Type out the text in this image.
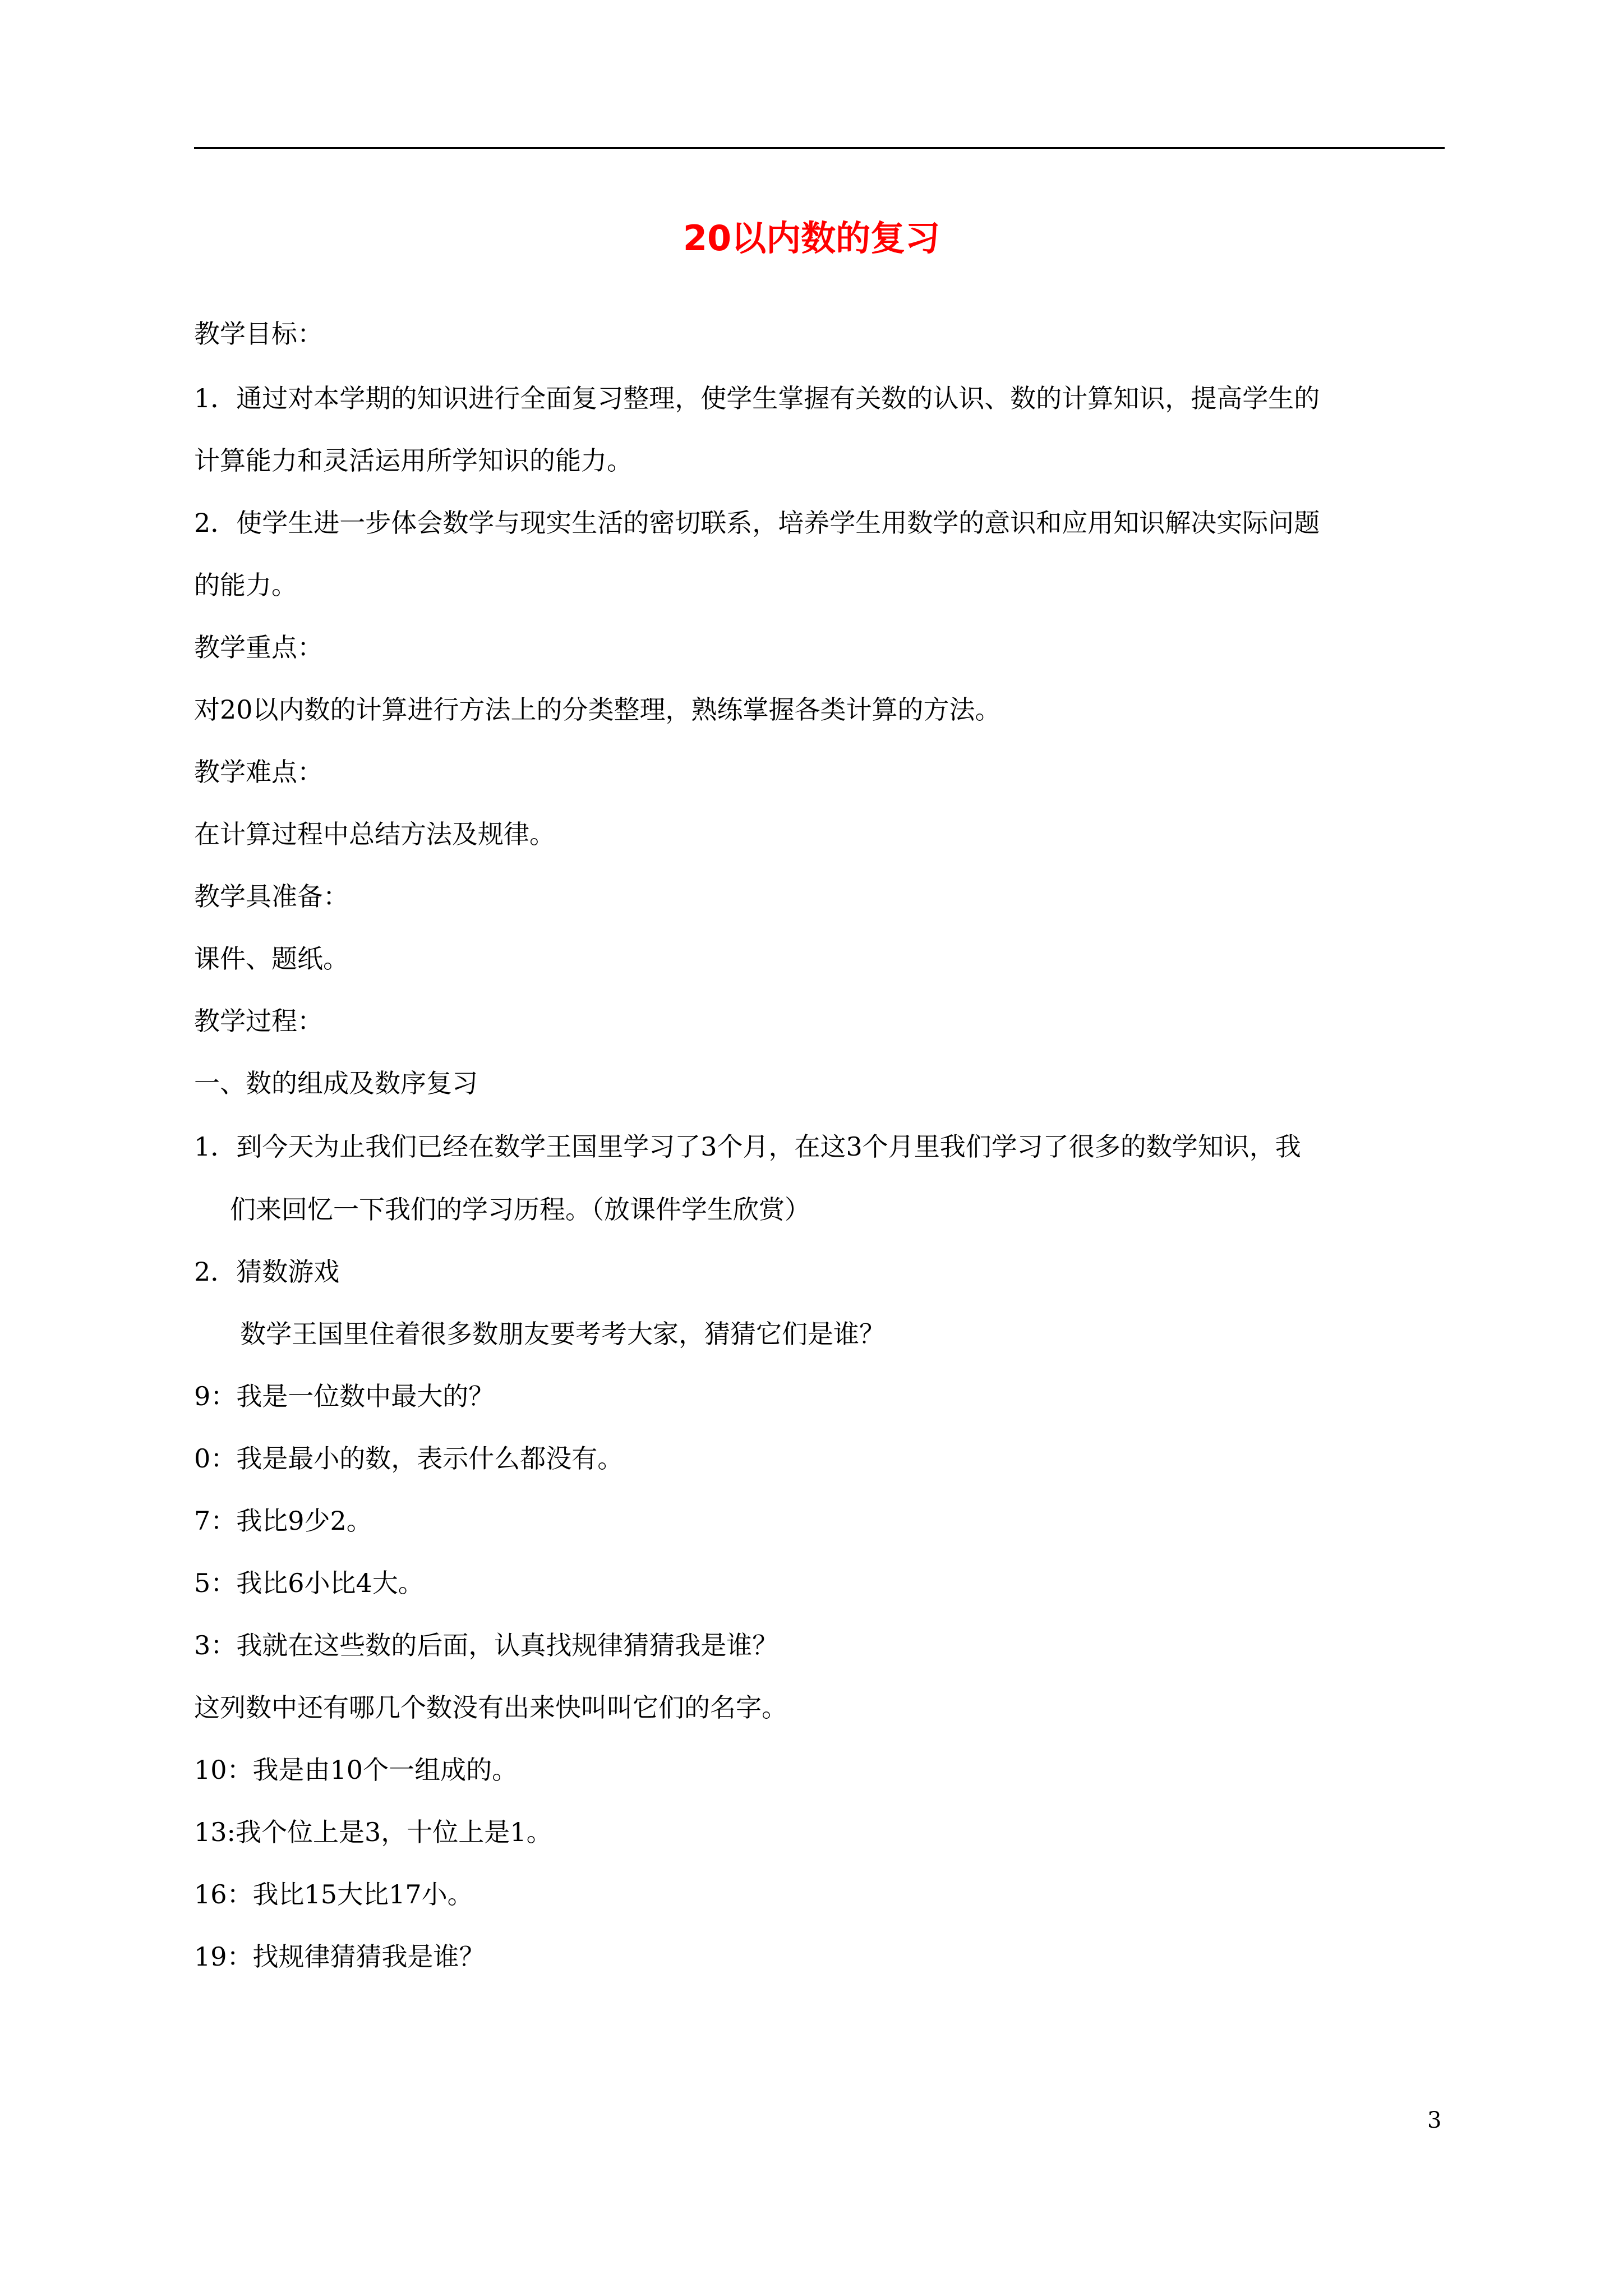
20以内数的复习
教学目标：
1．通过对本学期的知识进行全面复习整理，使学生掌握有关数的认识、数的计算知识，提高学生的
计算能力和灵活运用所学知识的能力。
2．使学生进一步体会数学与现实生活的密切联系，培养学生用数学的意识和应用知识解决实际问题
的能力。
教学重点：
对20以内数的计算进行方法上的分类整理，熟练掌握各类计算的方法。
教学难点：
在计算过程中总结方法及规律。
教学具准备：
课件、题纸。
教学过程：
一、数的组成及数序复习
1．到今天为止我们已经在数学王国里学习了3个月，在这3个月里我们学习了很多的数学知识，我
们来回忆一下我们的学习历程。（放课件学生欣赏）
2．猜数游戏
数学王国里住着很多数朋友要考考大家，猜猜它们是谁？
9：我是一位数中最大的？
0：我是最小的数，表示什么都没有。
7：我比9少2。
5：我比6小比4大。
3：我就在这些数的后面，认真找规律猜猜我是谁？
这列数中还有哪几个数没有出来快叫叫它们的名字。
10：我是由10个一组成的。
13:我个位上是3，十位上是1。
16：我比15大比17小。
19：找规律猜猜我是谁？
3
